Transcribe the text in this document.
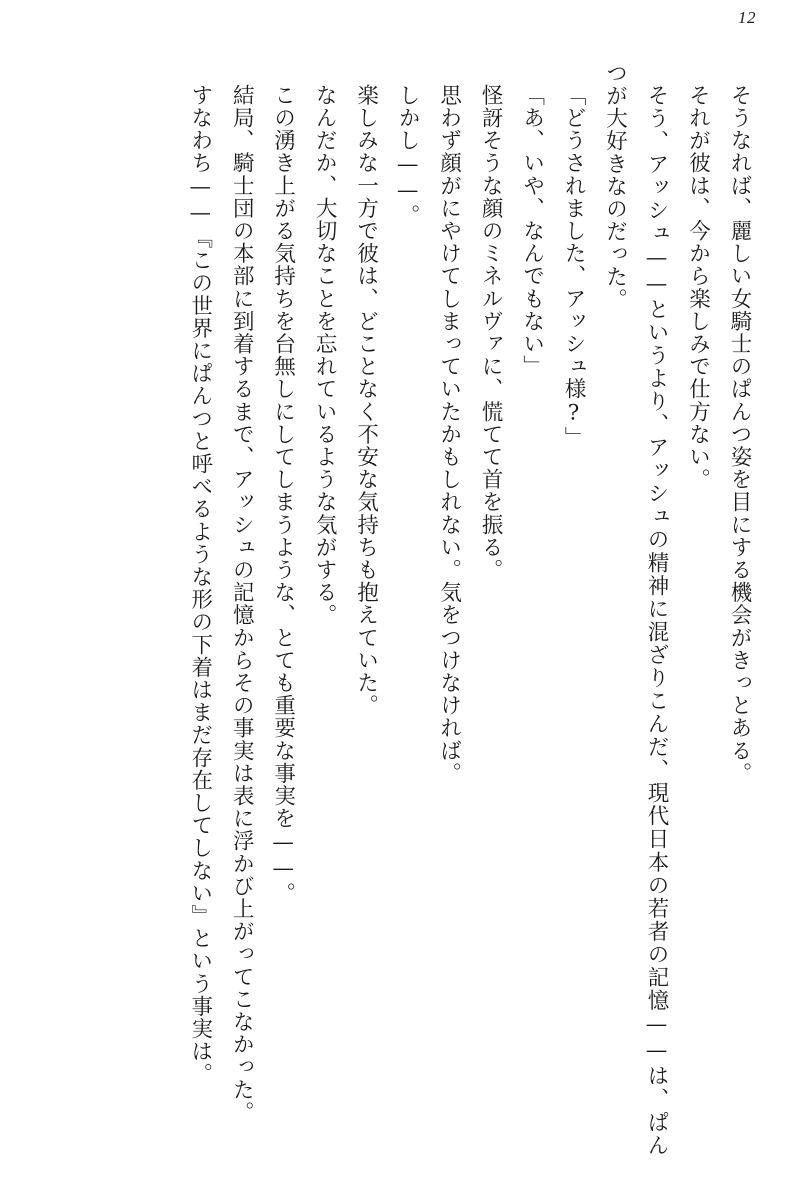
12

そうなれば、麗しい女騎士のぱんつ姿を目にする機会がきっとある。

それが彼は、今から楽しみで仕方ない。

そう、アッシュ——というより、アッシュの精神に混ざりこんだ、現代日本の若者の記憶——は、ぱんつが大好きなのだった。

「どうされました、アッシュ様?」

「あ、いや、なんでもない」

怪訝そうな顔のミネルヴァに、慌てて首を振る。

思わず顔がにやけてしまっていたかもしれない。気をつけなければ。

しかし——。

楽しみな一方で彼は、どことなく不安な気持ちも抱えていた。

なんだか、大切なことを忘れているような気がする。

この湧き上がる気持ちを台無しにしてしまうような、とても重要な事実を——。

結局、騎士団の本部に到着するまで、アッシュの記憶からその事実は表に浮かび上がってこなかった。

すなわち——『この世界にぱんつと呼べるような形の下着はまだ存在してしない』という事実は。
